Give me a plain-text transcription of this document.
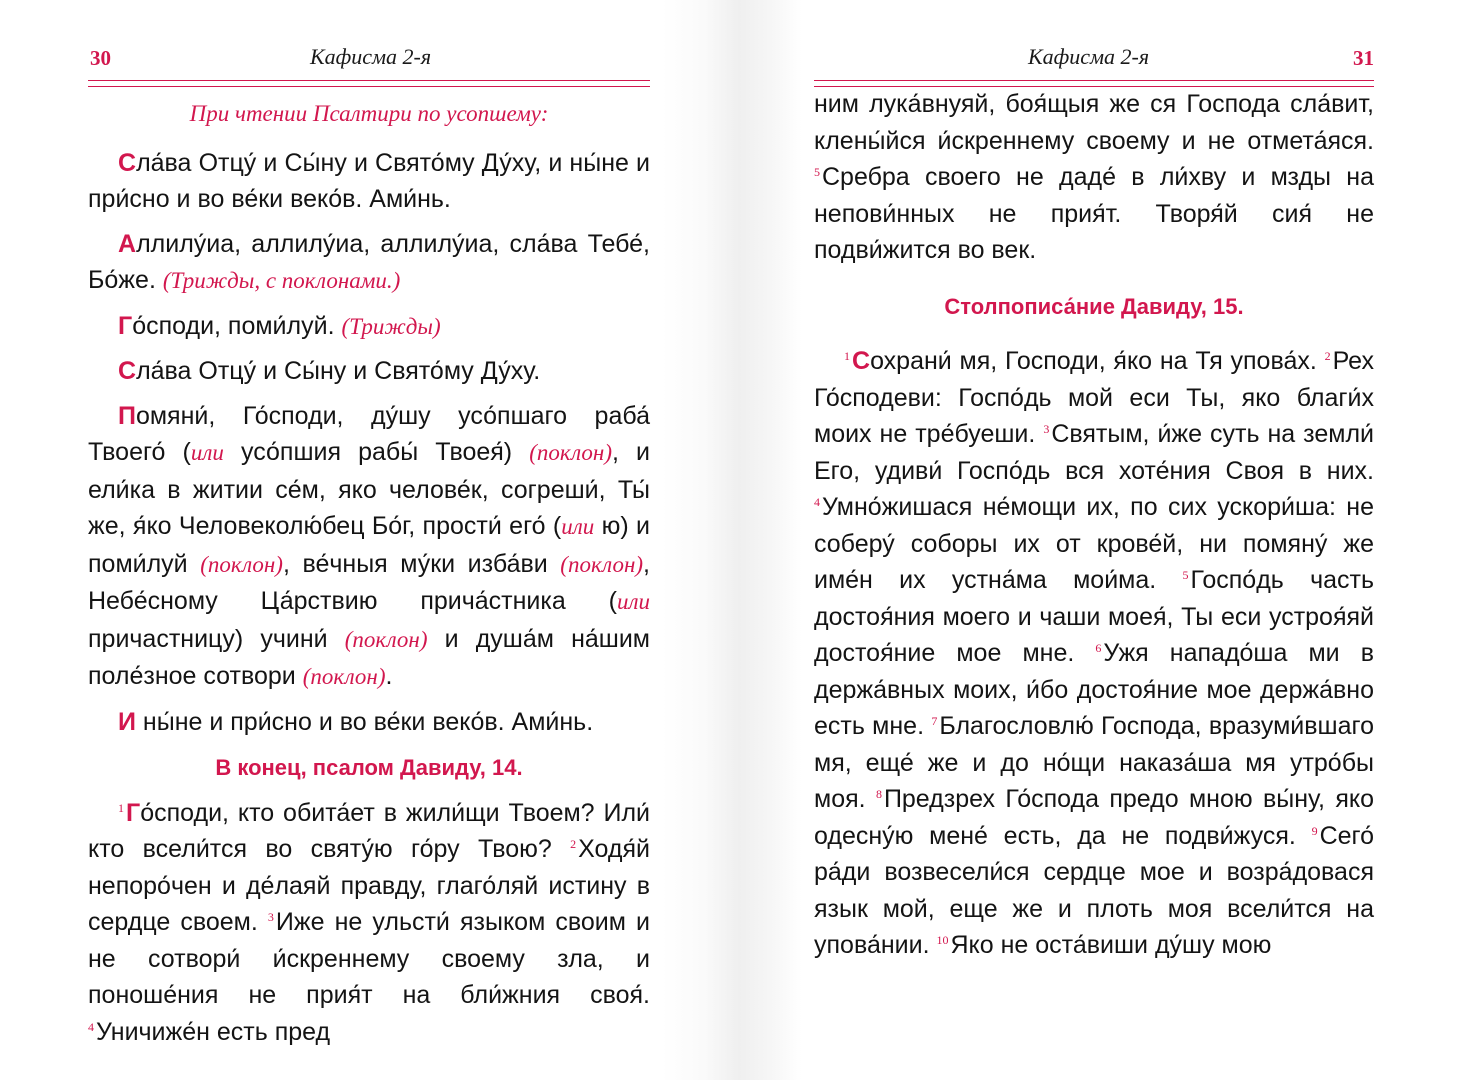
30	Кафисма 2-я

При чтении Псалтири по усопшему:

Сла́ва Отцу́ и Сы́ну и Свято́му Ду́ху, и ны́не и при́сно и во ве́ки веко́в. Ами́нь.

Аллилу́иа, аллилу́иа, аллилу́иа, сла́ва Тебе́, Бо́же. (Трижды, с поклонами.)

Го́споди, поми́луй. (Трижды)

Сла́ва Отцу́ и Сы́ну и Свято́му Ду́ху.

Помяни́, Го́споди, ду́шу усо́пшаго раба́ Твоего́ (или усо́пшия рабы́ Твоея́) (поклон), и ели́ка в житии се́м, яко челове́к, согреши́, Ты́ же, я́ко Человеколю́бец Бо́г, прости́ его́ (или ю) и поми́луй (поклон), ве́чныя му́ки изба́ви (поклон), Небе́сному Ца́рствию прича́стника (или причастницу) учини́ (поклон) и душа́м на́шим поле́зное сотвори (поклон).

И ны́не и при́сно и во ве́ки веко́в. Ами́нь.

В конец, псалом Давиду, 14.

$^1$Го́споди, кто обита́ет в жили́щи Твоем? Или́ кто всели́тся во святу́ю го́ру Твою? $^2$Ходя́й непоро́чен и де́лаяй правду, глаго́ляй истину в сердце своем. $^3$Иже не ульсти́ языком своим и не сотвори́ и́скреннему своему зла, и поноше́ния не прия́т на бли́жния своя́. $^4$Уничиже́н есть пред

Кафисма 2-я	31

ним лука́внуяй, боя́щыя же ся Господа сла́вит, клены́йся и́скреннему своему и не отмета́яся. $^5$Сребра своего не даде́ в ли́хву и мзды на непови́нных не прия́т. Творя́й сия́ не подви́жится во век.

Столпописа́ние Давиду, 15.

$^1$Сохрани́ мя, Господи, я́ко на Тя упова́х. $^2$Рех Го́сподеви: Госпо́дь мой еси Ты, яко благи́х моих не тре́буеши. $^3$Святым, и́же суть на земли́ Его, удиви́ Госпо́дь вся хоте́ния Своя в них. $^4$Умно́жишася не́мощи их, по сих ускори́ша: не соберу́ соборы их от крове́й, ни помяну́ же име́н их устна́ма мои́ма. $^5$Госпо́дь часть достоя́ния моего и чаши моея́, Ты еси устроя́яй достоя́ние мое мне. $^6$Ужя нападо́ша ми в держа́вных моих, и́бо достоя́ние мое держа́вно есть мне. $^7$Благословлю́ Господа, вразуми́вшаго мя, еще́ же и до но́щи наказа́ша мя утро́бы моя. $^8$Предзрех Го́спода предо мною вы́ну, яко одесну́ю мене́ есть, да не подви́жуся. $^9$Сего́ ра́ди возвесели́ся сердце мое и возра́довася язык мой, еще же и плоть моя всели́тся на упова́нии. $^{10}$Яко не оста́виши ду́шу мою
